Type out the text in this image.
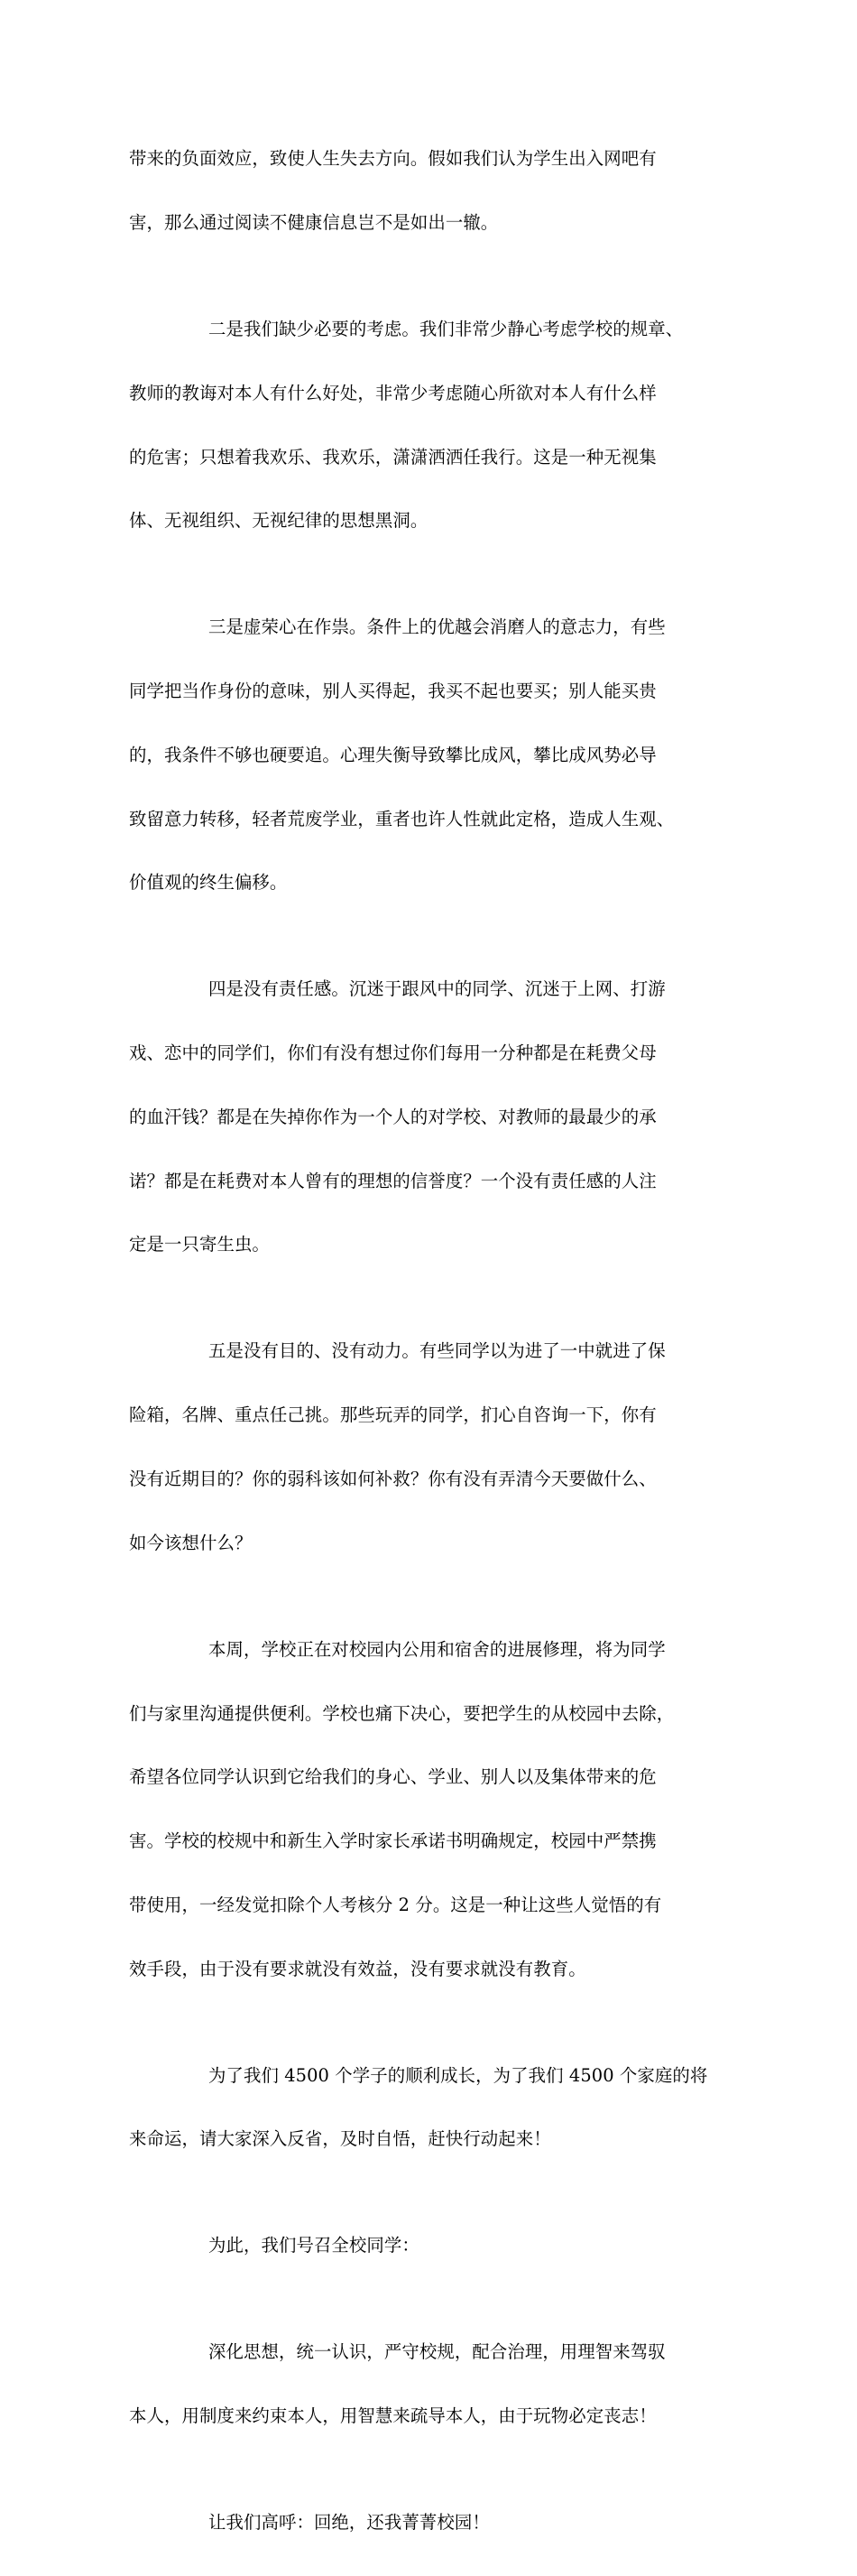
带来的负面效应，致使人生失去方向。假如我们认为学生出入网吧有

害，那么通过阅读不健康信息岂不是如出一辙。

二是我们缺少必要的考虑。我们非常少静心考虑学校的规章、

教师的教诲对本人有什么好处，非常少考虑随心所欲对本人有什么样

的危害；只想着我欢乐、我欢乐，潇潇洒洒任我行。这是一种无视集

体、无视组织、无视纪律的思想黑洞。

三是虚荣心在作祟。条件上的优越会消磨人的意志力，有些

同学把当作身份的意味，别人买得起，我买不起也要买；别人能买贵

的，我条件不够也硬要追。心理失衡导致攀比成风，攀比成风势必导

致留意力转移，轻者荒废学业，重者也许人性就此定格，造成人生观、

价值观的终生偏移。

四是没有责任感。沉迷于跟风中的同学、沉迷于上网、打游

戏、恋中的同学们，你们有没有想过你们每用一分种都是在耗费父母

的血汗钱？都是在失掉你作为一个人的对学校、对教师的最最少的承

诺？都是在耗费对本人曾有的理想的信誉度？一个没有责任感的人注

定是一只寄生虫。

五是没有目的、没有动力。有些同学以为进了一中就进了保

险箱，名牌、重点任己挑。那些玩弄的同学，扪心自咨询一下，你有

没有近期目的？你的弱科该如何补救？你有没有弄清今天要做什么、

如今该想什么？

本周，学校正在对校园内公用和宿舍的进展修理，将为同学

们与家里沟通提供便利。学校也痛下决心，要把学生的从校园中去除，

希望各位同学认识到它给我们的身心、学业、别人以及集体带来的危

害。学校的校规中和新生入学时家长承诺书明确规定，校园中严禁携

带使用，一经发觉扣除个人考核分 2 分。这是一种让这些人觉悟的有

效手段，由于没有要求就没有效益，没有要求就没有教育。

为了我们 4500 个学子的顺利成长，为了我们 4500 个家庭的将

来命运，请大家深入反省，及时自悟，赶快行动起来！

为此，我们号召全校同学：

深化思想，统一认识，严守校规，配合治理，用理智来驾驭

本人，用制度来约束本人，用智慧来疏导本人，由于玩物必定丧志！

让我们高呼：回绝，还我菁菁校园！
